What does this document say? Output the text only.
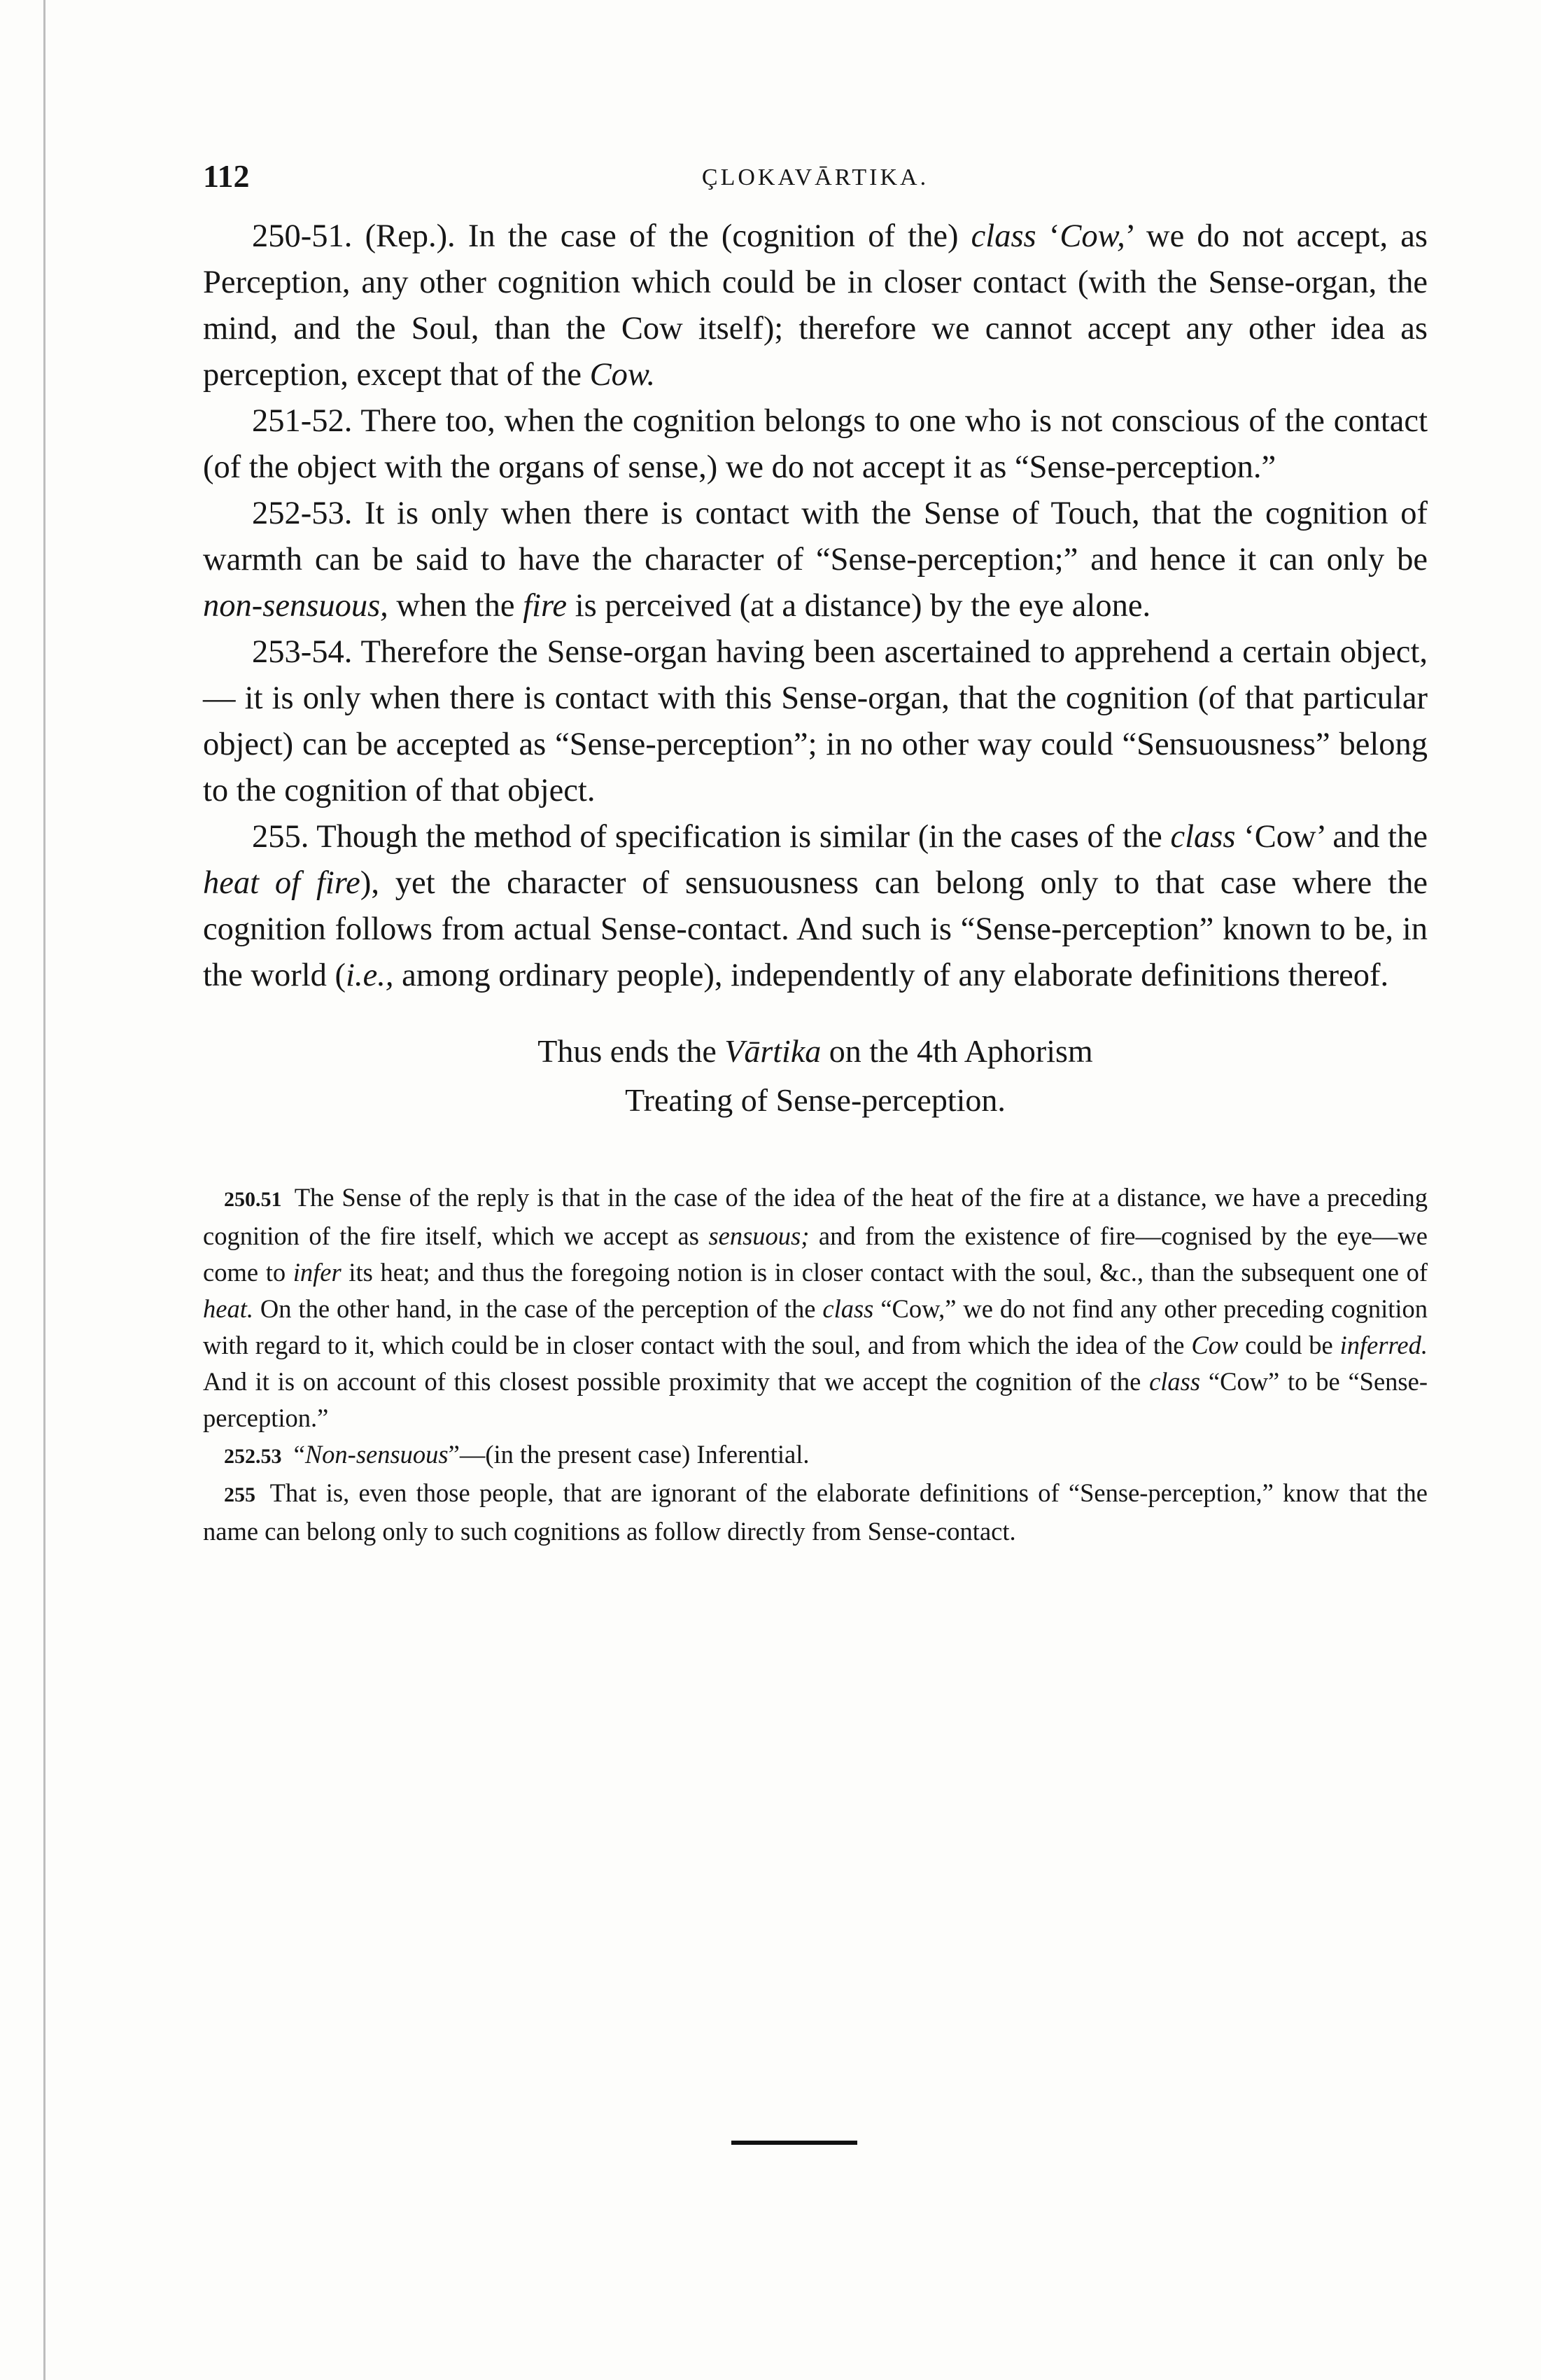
112	ÇLOKAVĀRTIKA.

250-51. (Rep.). In the case of the (cognition of the) class ‘Cow,’ we do not accept, as Perception, any other cognition which could be in closer contact (with the Sense-organ, the mind, and the Soul, than the Cow itself); therefore we cannot accept any other idea as perception, except that of the Cow.

251-52. There too, when the cognition belongs to one who is not conscious of the contact (of the object with the organs of sense,) we do not accept it as “Sense-perception.”

252-53. It is only when there is contact with the Sense of Touch, that the cognition of warmth can be said to have the character of “Sense-perception;” and hence it can only be non-sensuous, when the fire is perceived (at a distance) by the eye alone.

253-54. Therefore the Sense-organ having been ascertained to apprehend a certain object, — it is only when there is contact with this Sense-organ, that the cognition (of that particular object) can be accepted as “Sense-perception”; in no other way could “Sensuousness” belong to the cognition of that object.

255. Though the method of specification is similar (in the cases of the class ‘Cow’ and the heat of fire), yet the character of sensuousness can belong only to that case where the cognition follows from actual Sense-contact. And such is “Sense-perception” known to be, in the world (i.e., among ordinary people), independently of any elaborate definitions thereof.

Thus ends the Vārtika on the 4th Aphorism
Treating of Sense-perception.

250.51 The Sense of the reply is that in the case of the idea of the heat of the fire at a distance, we have a preceding cognition of the fire itself, which we accept as sensuous; and from the existence of fire—cognised by the eye—we come to infer its heat; and thus the foregoing notion is in closer contact with the soul, &c., than the subsequent one of heat. On the other hand, in the case of the perception of the class “Cow,” we do not find any other preceding cognition with regard to it, which could be in closer contact with the soul, and from which the idea of the Cow could be inferred. And it is on account of this closest possible proximity that we accept the cognition of the class “Cow” to be “Sense-perception.”

252.53 “Non-sensuous”—(in the present case) Inferential.

255 That is, even those people, that are ignorant of the elaborate definitions of “Sense-perception,” know that the name can belong only to such cognitions as follow directly from Sense-contact.
